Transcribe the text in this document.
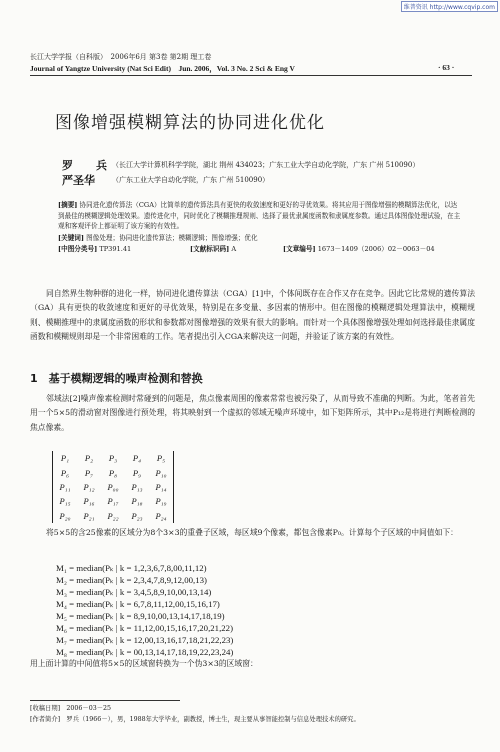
维普资讯 http://www.cqvip.com
长江大学学报（自科版）　2006年6月 第3卷 第2期 理工卷
Journal of Yangtze University (Nat Sci Edit)　Jun. 2006，Vol. 3 No. 2 Sci & Eng V	· 63 ·
图像增强模糊算法的协同进化优化
罗　兵 （长江大学计算机科学学院，湖北 荆州 434023；广东工业大学自动化学院，广东 广州 510090）
严圣华 （广东工业大学自动化学院，广东 广州 510090）

[摘要] 协同进化遗传算法（CGA）比简单的遗传算法具有更快的收敛速度和更好的寻优效果。将其应用于图像增强的模糊算法优化，以达到最佳的模糊逻辑处理效果。遗传进化中，同时优化了模糊推理规则、选择了最优隶属度函数和隶属度参数。通过具体图像处理试验，在主观和客观评价上都证明了该方案的有效性。

[关键词] 图像处理；协同进化遗传算法；模糊逻辑；图像增强；优化

[中图分类号] TP391.41	[文献标识码] A	[文章编号] 1673－1409（2006）02－0063－04

同自然界生物种群的进化一样，协同进化遗传算法（CGA）[1]中，个体间既存在合作又存在竞争。因此它比常规的遗传算法（GA）具有更快的收敛速度和更好的寻优效果，特别是在多变量、多因素的情形中。但在图像的模糊逻辑处理算法中，模糊规则、模糊推理中的隶属度函数的形状和参数都对图像增强的效果有很大的影响。而针对一个具体图像增强处理如何选择最佳隶属度函数和模糊规则却是一个非常困难的工作。笔者提出引入CGA来解决这一问题，并验证了该方案的有效性。

1　基于模糊逻辑的噪声检测和替换

邻域法[2]噪声像素检测时常碰到的问题是，焦点像素周围的像素常常也被污染了，从而导致不准确的判断。为此，笔者首先用一个5×5的滑动窗对图像进行预处理，将其映射到一个虚拟的邻域无噪声环境中，如下矩阵所示，其中P₁₂是将进行判断检测的焦点像素。

P₁	P₂	P₃	P₄	P₅
P₆	P₇	P₈	P₉	P₁₀
P₁₁	P₁₂	P₀₀	P₁₃	P₁₄
P₁₅	P₁₆	P₁₇	P₁₈	P₁₉
P₂₀	P₂₁	P₂₂	P₂₃	P₂₄

将5×5的含25像素的区域分为8个3×3的重叠子区域，每区域9个像素，都包含像素P₀。计算每个子区域的中间值如下：

M₁ = median(Pₖ | k = 1,2,3,6,7,8,00,11,12)
M₂ = median(Pₖ | k = 2,3,4,7,8,9,12,00,13)
M₃ = median(Pₖ | k = 3,4,5,8,9,10,00,13,14)
M₄ = median(Pₖ | k = 6,7,8,11,12,00,15,16,17)
M₅ = median(Pₖ | k = 8,9,10,00,13,14,17,18,19)
M₆ = median(Pₖ | k = 11,12,00,15,16,17,20,21,22)
M₇ = median(Pₖ | k = 12,00,13,16,17,18,21,22,23)
M₈ = median(Pₖ | k = 00,13,14,17,18,19,22,23,24)

用上面计算的中间值将5×5的区域窗转换为一个伪3×3的区域窗：

[收稿日期]　2006－03－25
[作者简介]　罗兵（1966－），男，1988年大学毕业，副教授，博士生，现主要从事智能控制与信息处理技术的研究。
